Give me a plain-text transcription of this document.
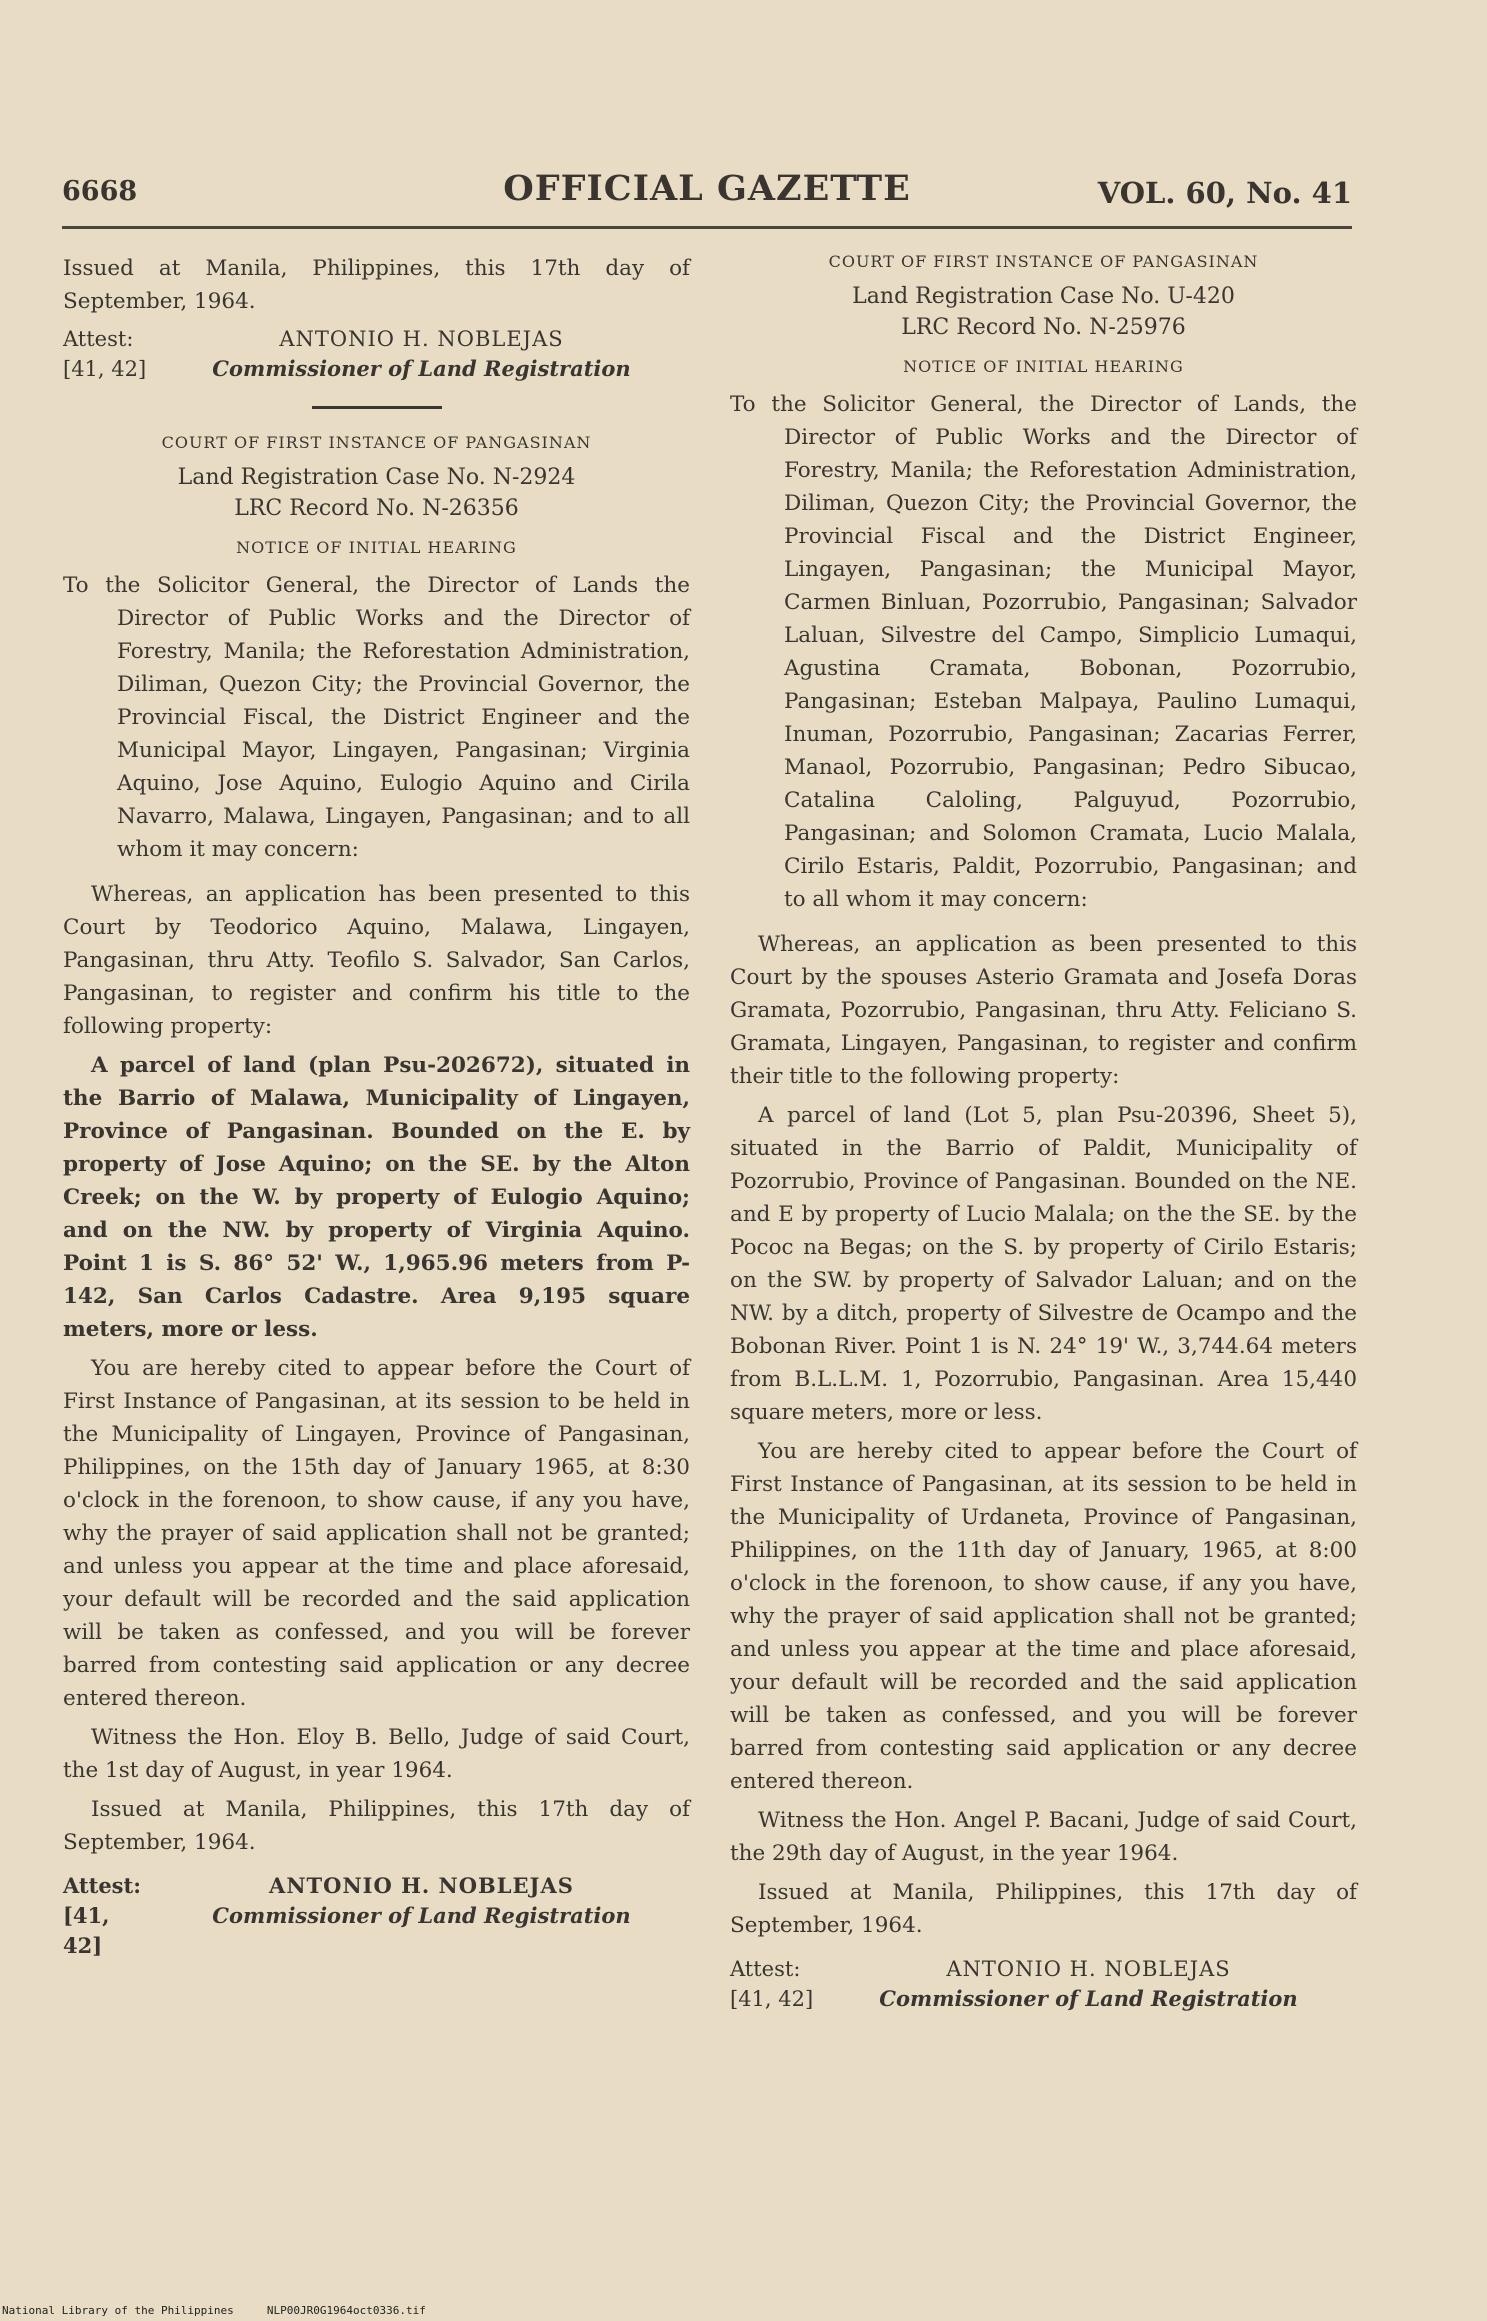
6668	OFFICIAL GAZETTE	VOL. 60, No. 41

Issued at Manila, Philippines, this 17th day of September, 1964.

Attest:	ANTONIO H. NOBLEJAS
[41, 42]	Commissioner of Land Registration
COURT OF FIRST INSTANCE OF PANGASINAN

Land Registration Case No. N-2924

LRC Record No. N-26356

NOTICE OF INITIAL HEARING

To the Solicitor General, the Director of Lands the Director of Public Works and the Director of Forestry, Manila; the Reforestation Administration, Diliman, Quezon City; the Provincial Governor, the Provincial Fiscal, the District Engineer and the Municipal Mayor, Lingayen, Pangasinan; Virginia Aquino, Jose Aquino, Eulogio Aquino and Cirila Navarro, Malawa, Lingayen, Pangasinan; and to all whom it may concern:

Whereas, an application has been presented to this Court by Teodorico Aquino, Malawa, Lingayen, Pangasinan, thru Atty. Teofilo S. Salvador, San Carlos, Pangasinan, to register and confirm his title to the following property:

A parcel of land (plan Psu-202672), situated in the Barrio of Malawa, Municipality of Lingayen, Province of Pangasinan. Bounded on the E. by property of Jose Aquino; on the SE. by the Alton Creek; on the W. by property of Eulogio Aquino; and on the NW. by property of Virginia Aquino. Point 1 is S. 86° 52' W., 1,965.96 meters from P-142, San Carlos Cadastre. Area 9,195 square meters, more or less.

You are hereby cited to appear before the Court of First Instance of Pangasinan, at its session to be held in the Municipality of Lingayen, Province of Pangasinan, Philippines, on the 15th day of January 1965, at 8:30 o'clock in the forenoon, to show cause, if any you have, why the prayer of said application shall not be granted; and unless you appear at the time and place aforesaid, your default will be recorded and the said application will be taken as confessed, and you will be forever barred from contesting said application or any decree entered thereon.

Witness the Hon. Eloy B. Bello, Judge of said Court, the 1st day of August, in year 1964.

Issued at Manila, Philippines, this 17th day of September, 1964.

Attest:	ANTONIO H. NOBLEJAS
[41, 42]
Commissioner of Land Registration
COURT OF FIRST INSTANCE OF PANGASINAN

Land Registration Case No. U-420

LRC Record No. N-25976

NOTICE OF INITIAL HEARING

To the Solicitor General, the Director of Lands, the Director of Public Works and the Director of Forestry, Manila; the Reforestation Administration, Diliman, Quezon City; the Provincial Governor, the Provincial Fiscal and the District Engineer, Lingayen, Pangasinan; the Municipal Mayor, Carmen Binluan, Pozorrubio, Pangasinan; Salvador Laluan, Silvestre del Campo, Simplicio Lumaqui, Agustina Cramata, Bobonan, Pozorrubio, Pangasinan; Esteban Malpaya, Paulino Lumaqui, Inuman, Pozorrubio, Pangasinan; Zacarias Ferrer, Manaol, Pozorrubio, Pangasinan; Pedro Sibucao, Catalina Caloling, Palguyud, Pozorrubio, Pangasinan; and Solomon Cramata, Lucio Malala, Cirilo Estaris, Paldit, Pozorrubio, Pangasinan; and to all whom it may concern:

Whereas, an application as been presented to this Court by the spouses Asterio Gramata and Josefa Doras Gramata, Pozorrubio, Pangasinan, thru Atty. Feliciano S. Gramata, Lingayen, Pangasinan, to register and confirm their title to the following property:

A parcel of land (Lot 5, plan Psu-20396, Sheet 5), situated in the Barrio of Paldit, Municipality of Pozorrubio, Province of Pangasinan. Bounded on the NE. and E by property of Lucio Malala; on the the SE. by the Pococ na Begas; on the S. by property of Cirilo Estaris; on the SW. by property of Salvador Laluan; and on the NW. by a ditch, property of Silvestre de Ocampo and the Bobonan River. Point 1 is N. 24° 19' W., 3,744.64 meters from B.L.L.M. 1, Pozorrubio, Pangasinan. Area 15,440 square meters, more or less.

You are hereby cited to appear before the Court of First Instance of Pangasinan, at its session to be held in the Municipality of Urdaneta, Province of Pangasinan, Philippines, on the 11th day of January, 1965, at 8:00 o'clock in the forenoon, to show cause, if any you have, why the prayer of said application shall not be granted; and unless you appear at the time and place aforesaid, your default will be recorded and the said application will be taken as confessed, and you will be forever barred from contesting said application or any decree entered thereon.

Witness the Hon. Angel P. Bacani, Judge of said Court, the 29th day of August, in the year 1964.

Issued at Manila, Philippines, this 17th day of September, 1964.

Attest:	ANTONIO H. NOBLEJAS
[41, 42]	Commissioner of Land Registration
National Library of the Philippines	NLP00JR0G1964oct0336.tif
